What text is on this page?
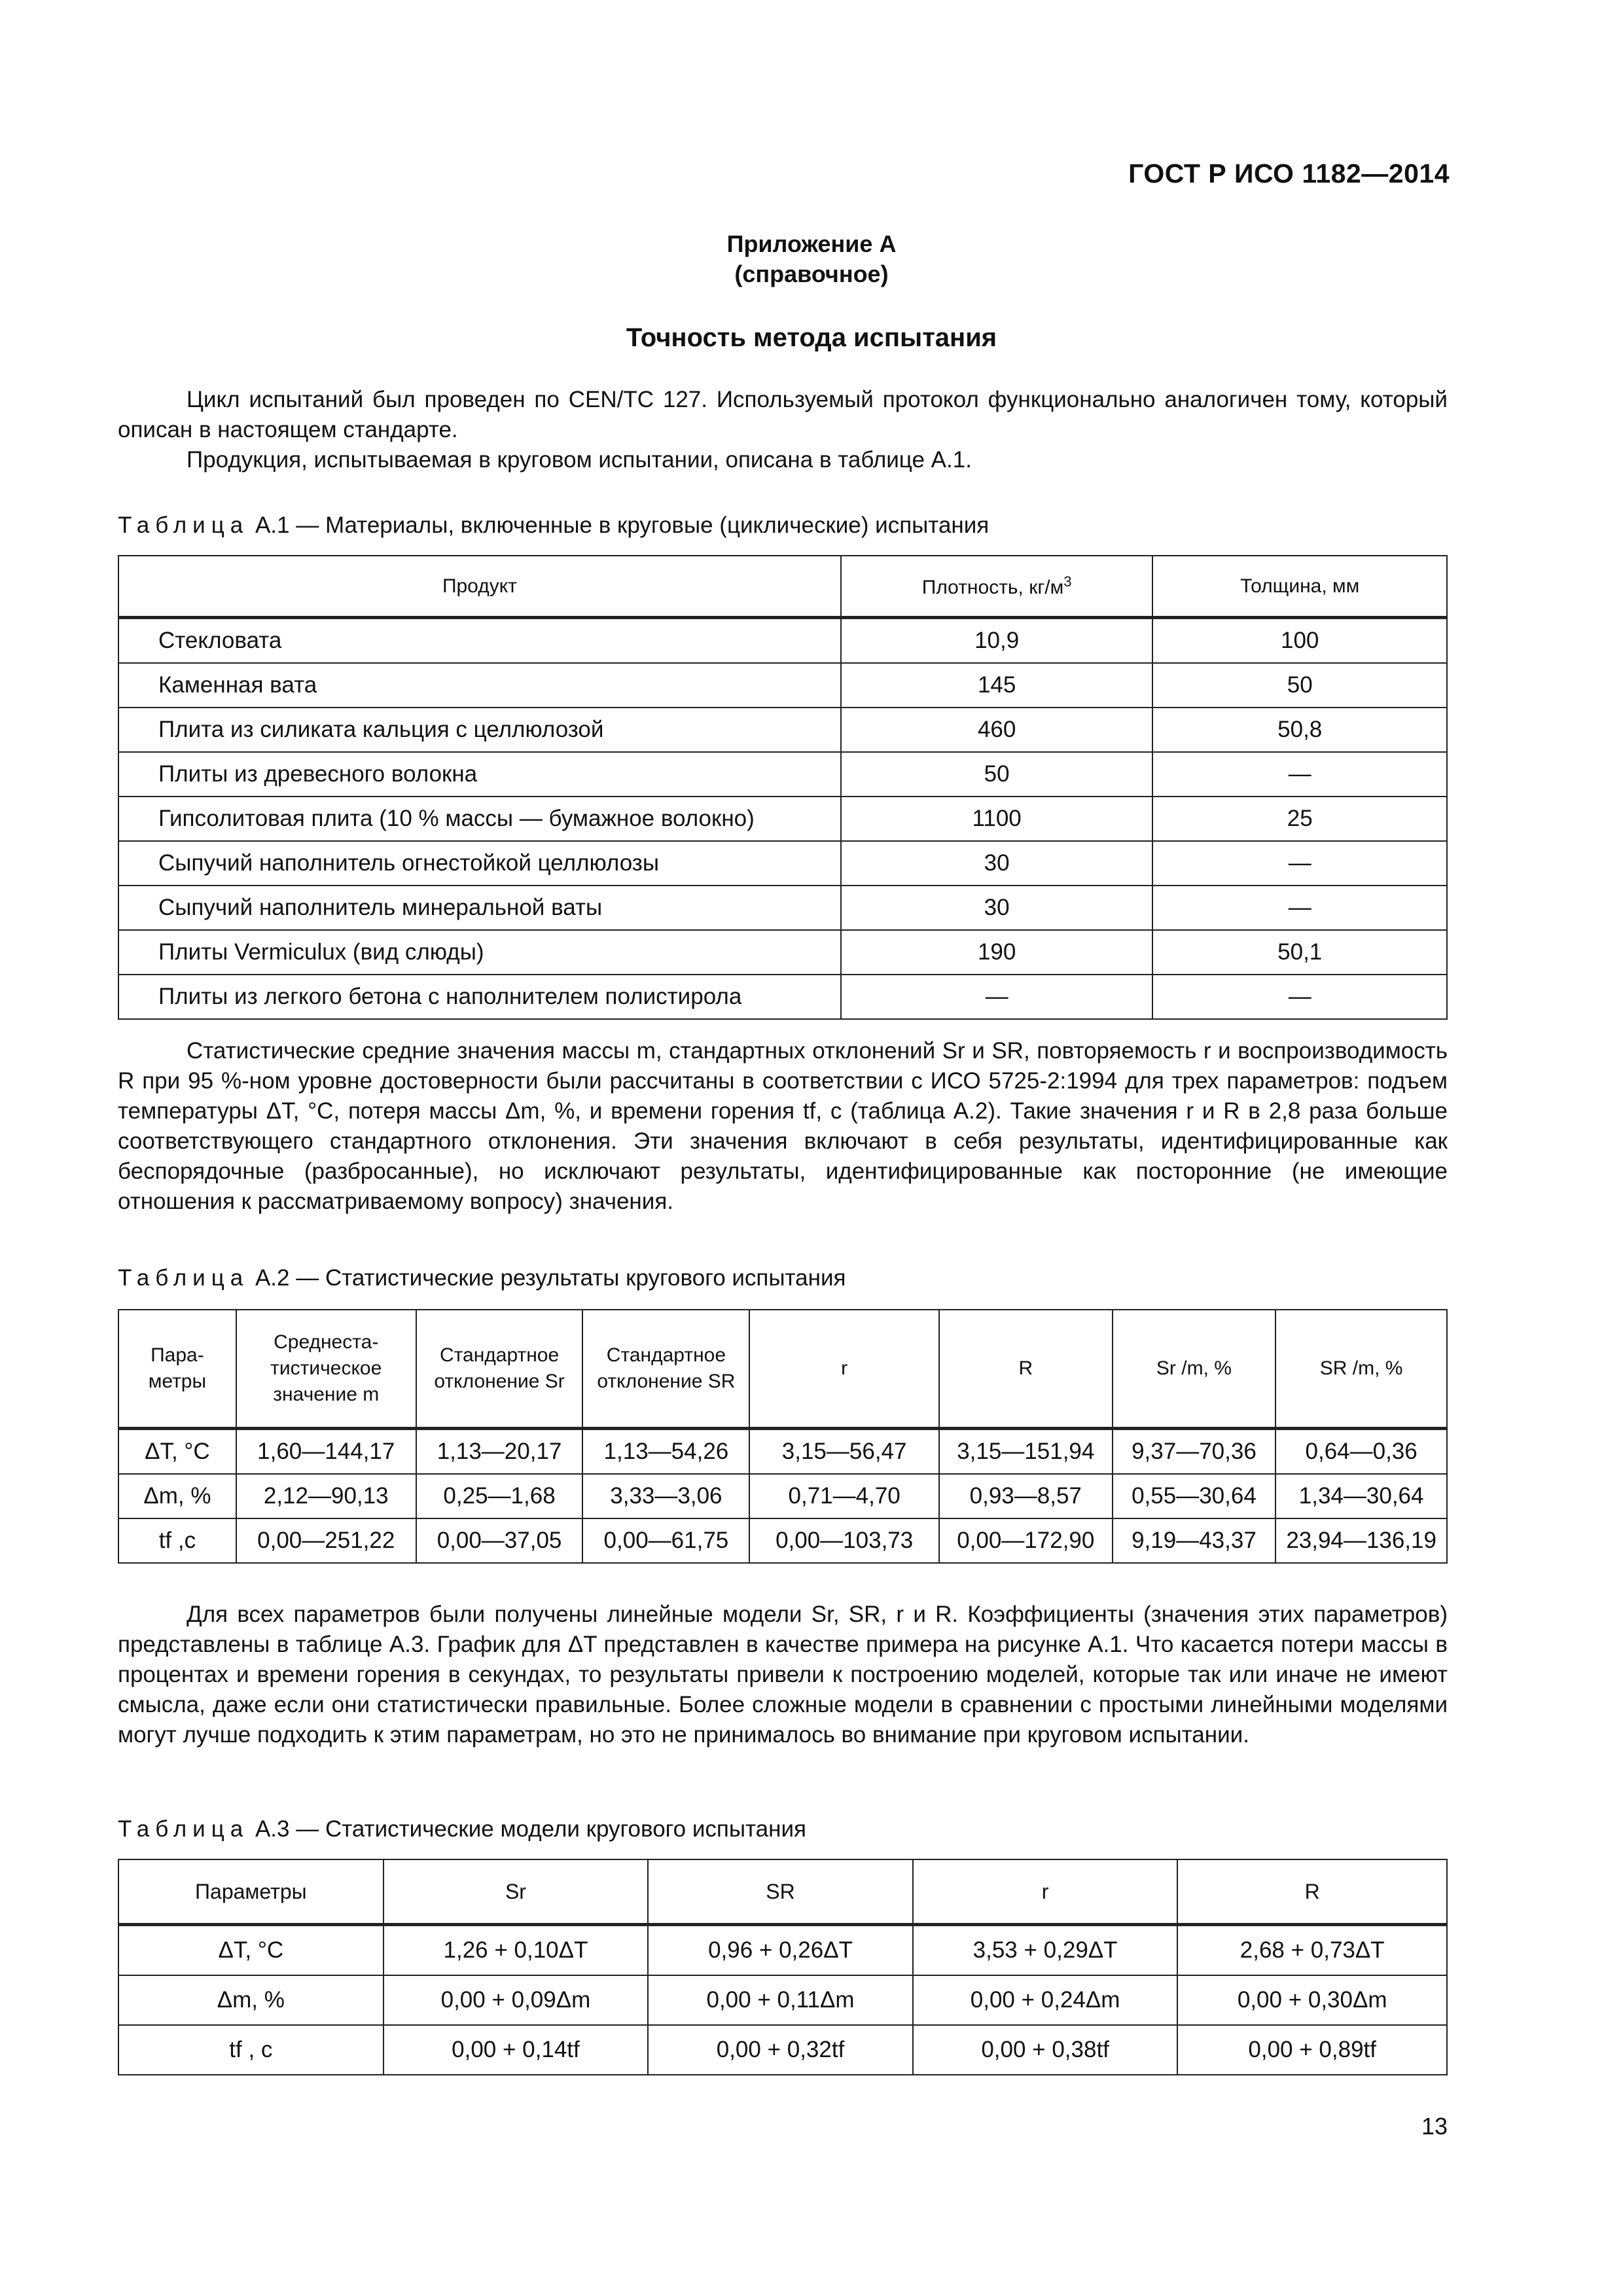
ГОСТ Р ИСО 1182—2014
Приложение А
(справочное)
Точность метода испытания

Цикл испытаний был проведен по CEN/TC 127. Используемый протокол функционально аналогичен тому, который описан в настоящем стандарте.

Продукция, испытываемая в круговом испытании, описана в таблице А.1.

Таблица А.1 — Материалы, включенные в круговые (циклические) испытания
Продукт	Плотность, $кг/м^3$	Толщина, мм
Стекловата	10,9	100
Каменная вата	145	50
Плита из силиката кальция с целлюлозой	460	50,8
Плиты из древесного волокна	50	—
Гипсолитовая плита (10 % массы — бумажное волокно)	1100	25
Сыпучий наполнитель огнестойкой целлюлозы	30	—
Сыпучий наполнитель минеральной ваты	30	—
Плиты Vermiculux (вид слюды)	190	50,1
Плиты из легкого бетона с наполнителем полистирола	—	—

Статистические средние значения массы m, стандартных отклонений Sr и SR, повторяемость r и воспроизводимость R при 95 %-ном уровне достоверности были рассчитаны в соответствии с ИСО 5725-2:1994 для трех параметров: подъем температуры ΔT, °C, потеря массы Δm, %, и времени горения tf, с (таблица А.2). Такие значения r и R в 2,8 раза больше соответствующего стандартного отклонения. Эти значения включают в себя результаты, идентифицированные как беспорядочные (разбросанные), но исключают результаты, идентифицированные как посторонние (не имеющие отношения к рассматриваемому вопросу) значения.

Таблица А.2 — Статистические результаты кругового испытания
Пара-метры	Среднеста-тистическое значение m	Стандартное отклонение Sr	Стандартное отклонение SR	r	R	Sr /m, %	SR /m, %
ΔT, °C	1,60—144,17	1,13—20,17	1,13—54,26	3,15—56,47	3,15—151,94	9,37—70,36	0,64—0,36
Δm, %	2,12—90,13	0,25—1,68	3,33—3,06	0,71—4,70	0,93—8,57	0,55—30,64	1,34—30,64
tf ,с	0,00—251,22	0,00—37,05	0,00—61,75	0,00—103,73	0,00—172,90	9,19—43,37	23,94—136,19

Для всех параметров были получены линейные модели Sr, SR, r и R. Коэффициенты (значения этих параметров) представлены в таблице А.3. График для ΔT представлен в качестве примера на рисунке А.1. Что касается потери массы в процентах и времени горения в секундах, то результаты привели к построению моделей, которые так или иначе не имеют смысла, даже если они статистически правильные. Более сложные модели в сравнении с простыми линейными моделями могут лучше подходить к этим параметрам, но это не принималось во внимание при круговом испытании.

Таблица А.3 — Статистические модели кругового испытания
Параметры	Sr	SR	r	R
ΔT, °C	1,26 + 0,10ΔT	0,96 + 0,26ΔT	3,53 + 0,29ΔT	2,68 + 0,73ΔT
Δm, %	0,00 + 0,09Δm	0,00 + 0,11Δm	0,00 + 0,24Δm	0,00 + 0,30Δm
tf , с	0,00 + 0,14tf	0,00 + 0,32tf	0,00 + 0,38tf	0,00 + 0,89tf
13
